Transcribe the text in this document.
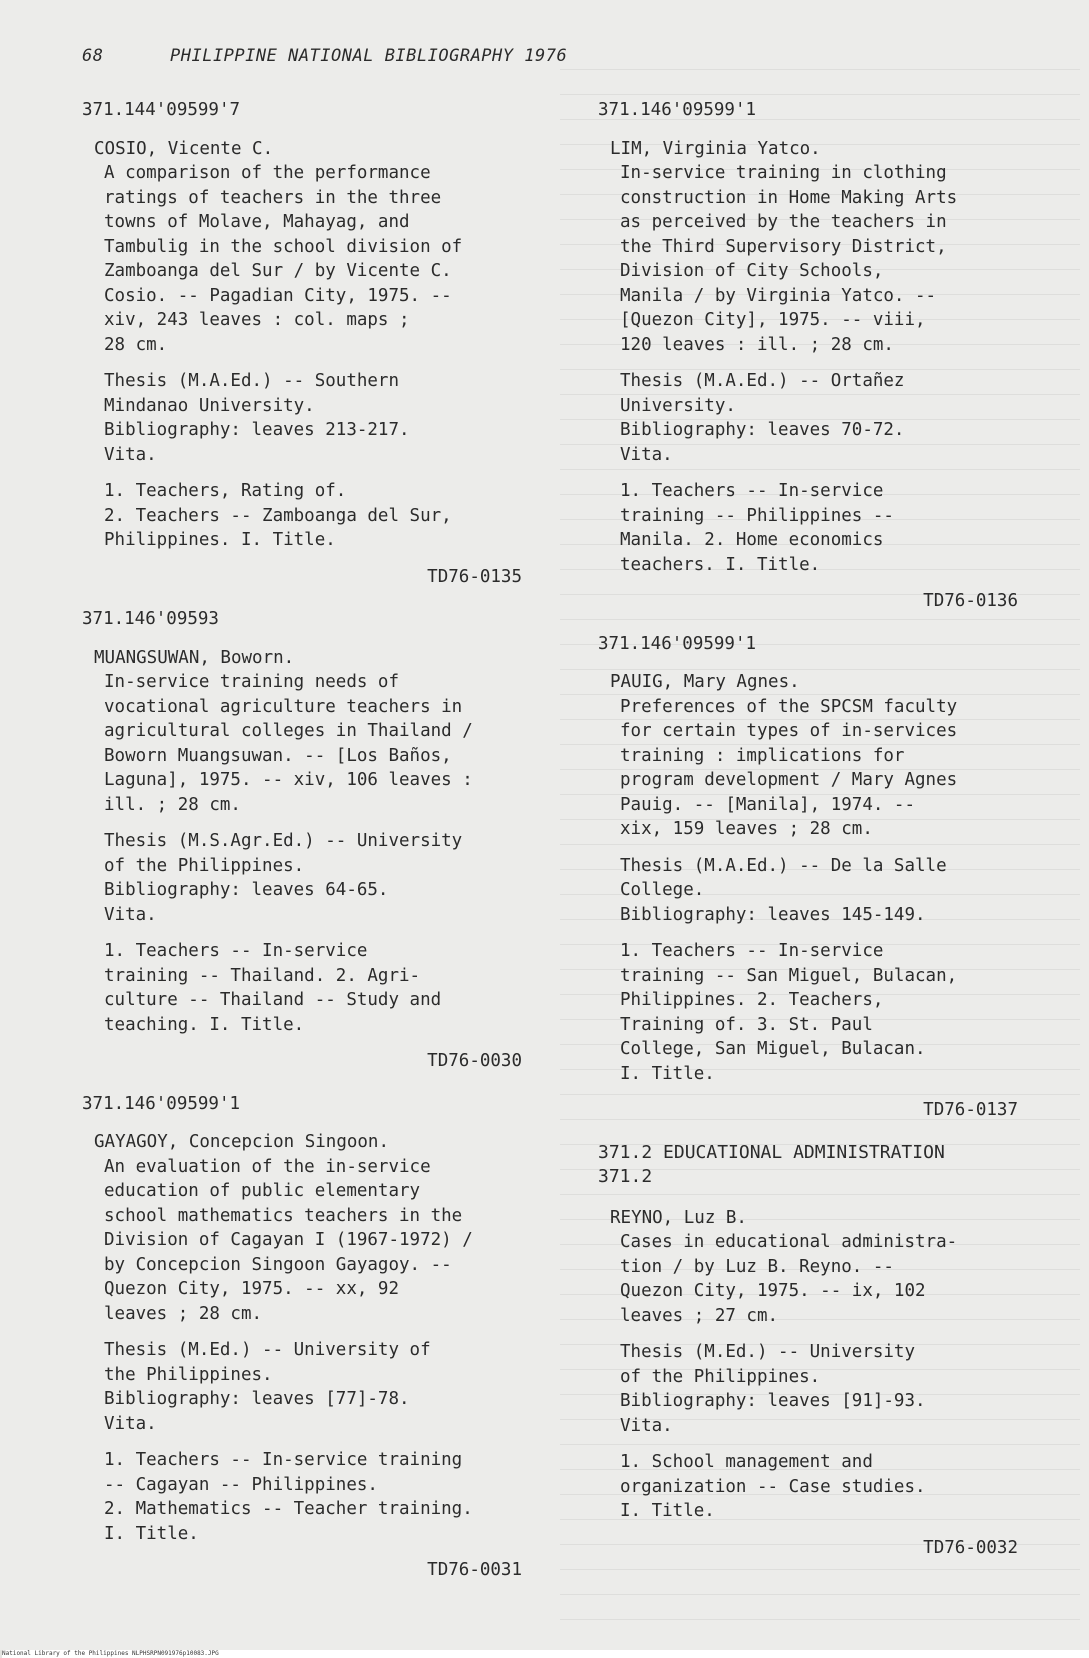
68	PHILIPPINE NATIONAL BIBLIOGRAPHY 1976
371.144'09599'7
COSIO, Vicente C.
A comparison of the performance
ratings of teachers in the three
towns of Molave, Mahayag, and
Tambulig in the school division of
Zamboanga del Sur / by Vicente C.
Cosio. -- Pagadian City, 1975. --
xiv, 243 leaves : col. maps ;
28 cm.
Thesis (M.A.Ed.) -- Southern
Mindanao University.
Bibliography: leaves 213-217.
Vita.
1. Teachers, Rating of.
2. Teachers -- Zamboanga del Sur,
Philippines. I. Title.
TD76-0135
371.146'09593
MUANGSUWAN, Boworn.
In-service training needs of
vocational agriculture teachers in
agricultural colleges in Thailand /
Boworn Muangsuwan. -- [Los Baños,
Laguna], 1975. -- xiv, 106 leaves :
ill. ; 28 cm.
Thesis (M.S.Agr.Ed.) -- University
of the Philippines.
Bibliography: leaves 64-65.
Vita.
1. Teachers -- In-service
training -- Thailand. 2. Agri-
culture -- Thailand -- Study and
teaching. I. Title.
TD76-0030
371.146'09599'1
GAYAGOY, Concepcion Singoon.
An evaluation of the in-service
education of public elementary
school mathematics teachers in the
Division of Cagayan I (1967-1972) /
by Concepcion Singoon Gayagoy. --
Quezon City, 1975. -- xx, 92
leaves ; 28 cm.
Thesis (M.Ed.) -- University of
the Philippines.
Bibliography: leaves [77]-78.
Vita.
1. Teachers -- In-service training
-- Cagayan -- Philippines.
2. Mathematics -- Teacher training.
I. Title.
TD76-0031
371.146'09599'1
LIM, Virginia Yatco.
In-service training in clothing
construction in Home Making Arts
as perceived by the teachers in
the Third Supervisory District,
Division of City Schools,
Manila / by Virginia Yatco. --
[Quezon City], 1975. -- viii,
120 leaves : ill. ; 28 cm.
Thesis (M.A.Ed.) -- Ortañez
University.
Bibliography: leaves 70-72.
Vita.
1. Teachers -- In-service
training -- Philippines --
Manila. 2. Home economics
teachers. I. Title.
TD76-0136
371.146'09599'1
PAUIG, Mary Agnes.
Preferences of the SPCSM faculty
for certain types of in-services
training : implications for
program development / Mary Agnes
Pauig. -- [Manila], 1974. --
xix, 159 leaves ; 28 cm.
Thesis (M.A.Ed.) -- De la Salle
College.
Bibliography: leaves 145-149.
1. Teachers -- In-service
training -- San Miguel, Bulacan,
Philippines. 2. Teachers,
Training of. 3. St. Paul
College, San Miguel, Bulacan.
I. Title.
TD76-0137
371.2 EDUCATIONAL ADMINISTRATION
371.2
REYNO, Luz B.
Cases in educational administra-
tion / by Luz B. Reyno. --
Quezon City, 1975. -- ix, 102
leaves ; 27 cm.
Thesis (M.Ed.) -- University
of the Philippines.
Bibliography: leaves [91]-93.
Vita.
1. School management and
organization -- Case studies.
I. Title.
TD76-0032
National Library of the Philippines NLPHSRPN091976p10083.JPG
